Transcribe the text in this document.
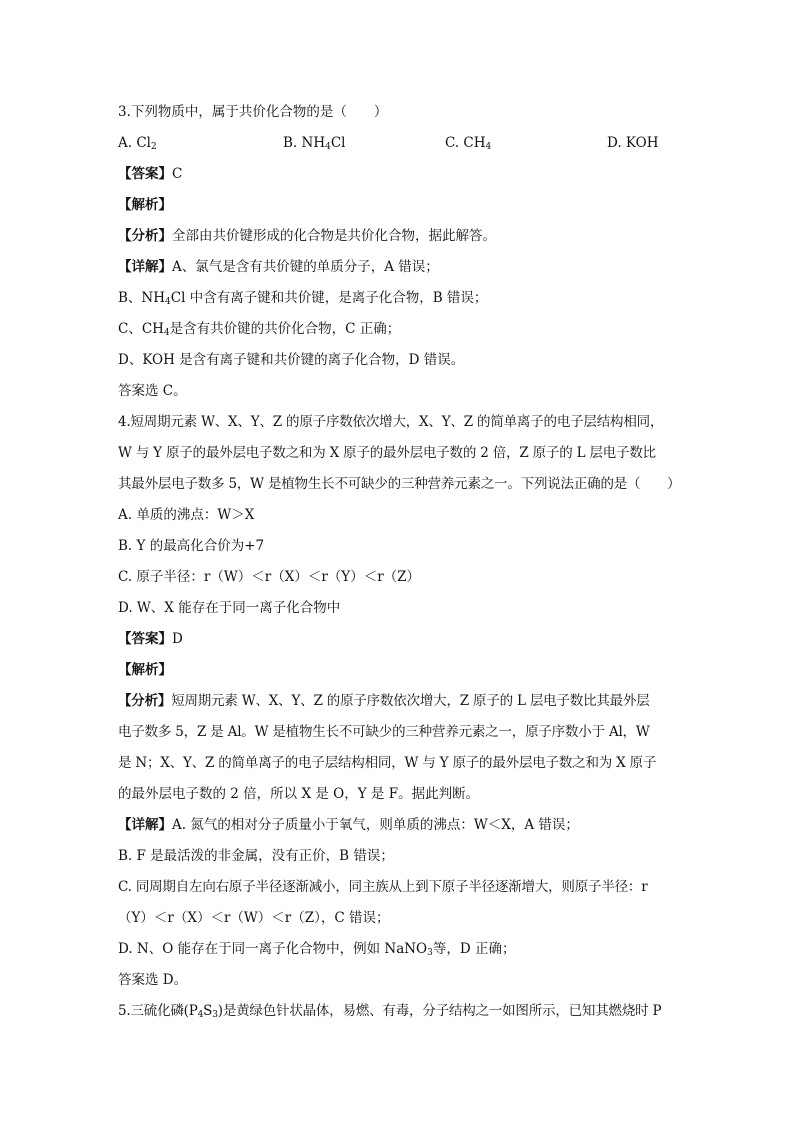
3.下列物质中，属于共价化合物的是（　　）
A. $Cl_2$	B. $NH_4Cl$	C. $CH_4$	D. KOH
【答案】C
【解析】
【分析】全部由共价键形成的化合物是共价化合物，据此解答。
【详解】A、氯气是含有共价键的单质分子，A 错误；
B、$NH_4Cl$ 中含有离子键和共价键，是离子化合物，B 错误；
C、$CH_4$是含有共价键的共价化合物，C 正确；
D、KOH 是含有离子键和共价键的离子化合物，D 错误。
答案选 C。
4.短周期元素 W、X、Y、Z 的原子序数依次增大，X、Y、Z 的简单离子的电子层结构相同，
W 与 Y 原子的最外层电子数之和为 X 原子的最外层电子数的 2 倍，Z 原子的 L 层电子数比
其最外层电子数多 5，W 是植物生长不可缺少的三种营养元素之一。下列说法正确的是（　　）
A. 单质的沸点：W＞X
B. Y 的最高化合价为+7
C. 原子半径：r（W）＜r（X）＜r（Y）＜r（Z）
D. W、X 能存在于同一离子化合物中
【答案】D
【解析】
【分析】短周期元素 W、X、Y、Z 的原子序数依次增大，Z 原子的 L 层电子数比其最外层
电子数多 5，Z 是 Al。W 是植物生长不可缺少的三种营养元素之一，原子序数小于 Al，W
是 N；X、Y、Z 的简单离子的电子层结构相同，W 与 Y 原子的最外层电子数之和为 X 原子
的最外层电子数的 2 倍，所以 X 是 O，Y 是 F。据此判断。
【详解】A. 氮气的相对分子质量小于氧气，则单质的沸点：W＜X，A 错误；
B. F 是最活泼的非金属，没有正价，B 错误；
C. 同周期自左向右原子半径逐渐减小，同主族从上到下原子半径逐渐增大，则原子半径：r
（Y）＜r（X）＜r（W）＜r（Z），C 错误；
D. N、O 能存在于同一离子化合物中，例如 NaNO$_3$等，D 正确；
答案选 D。
5.三硫化磷$(P_4S_3)$是黄绿色针状晶体，易燃、有毒，分子结构之一如图所示，已知其燃烧时 P
